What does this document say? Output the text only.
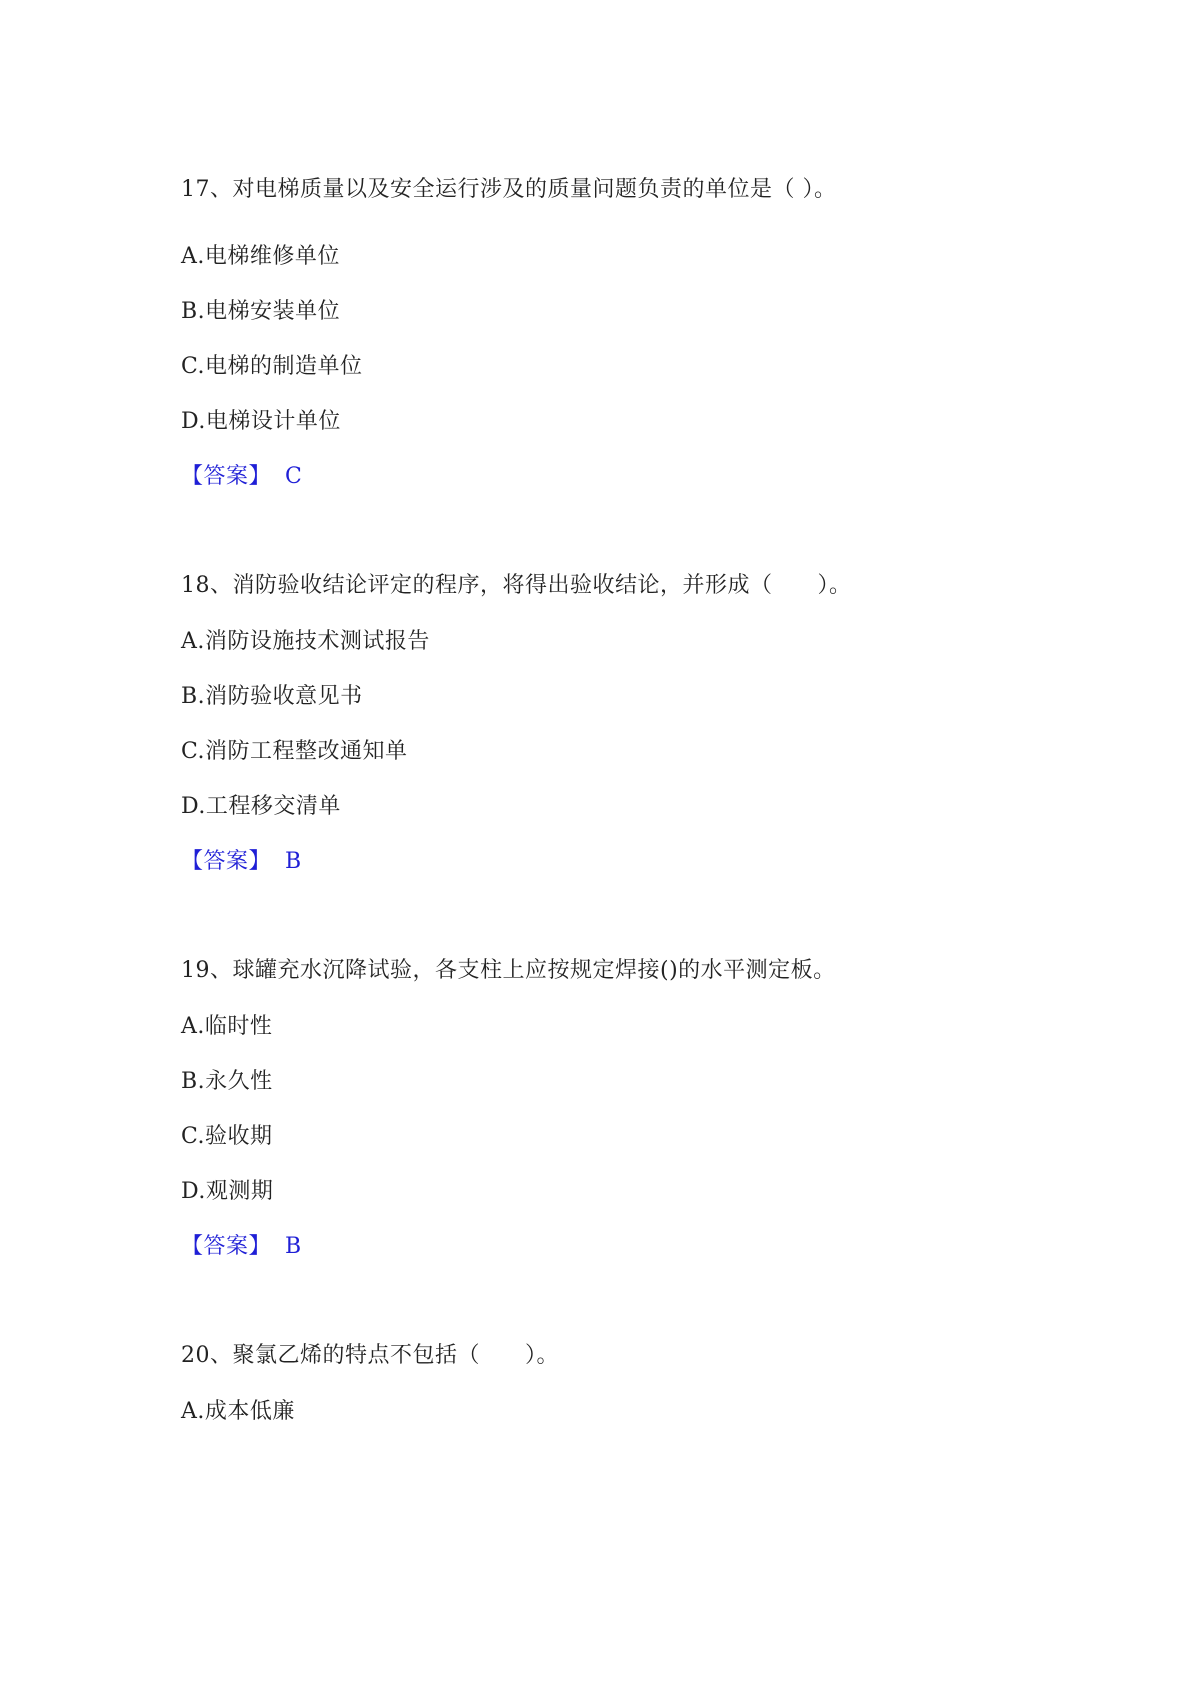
17、对电梯质量以及安全运行涉及的质量问题负责的单位是（ ）。
A.电梯维修单位
B.电梯安装单位
C.电梯的制造单位
D.电梯设计单位
【答案】 C
18、消防验收结论评定的程序，将得出验收结论，并形成（　　）。
A.消防设施技术测试报告
B.消防验收意见书
C.消防工程整改通知单
D.工程移交清单
【答案】 B
19、球罐充水沉降试验，各支柱上应按规定焊接()的水平测定板。
A.临时性
B.永久性
C.验收期
D.观测期
【答案】 B
20、聚氯乙烯的特点不包括（　　）。
A.成本低廉
